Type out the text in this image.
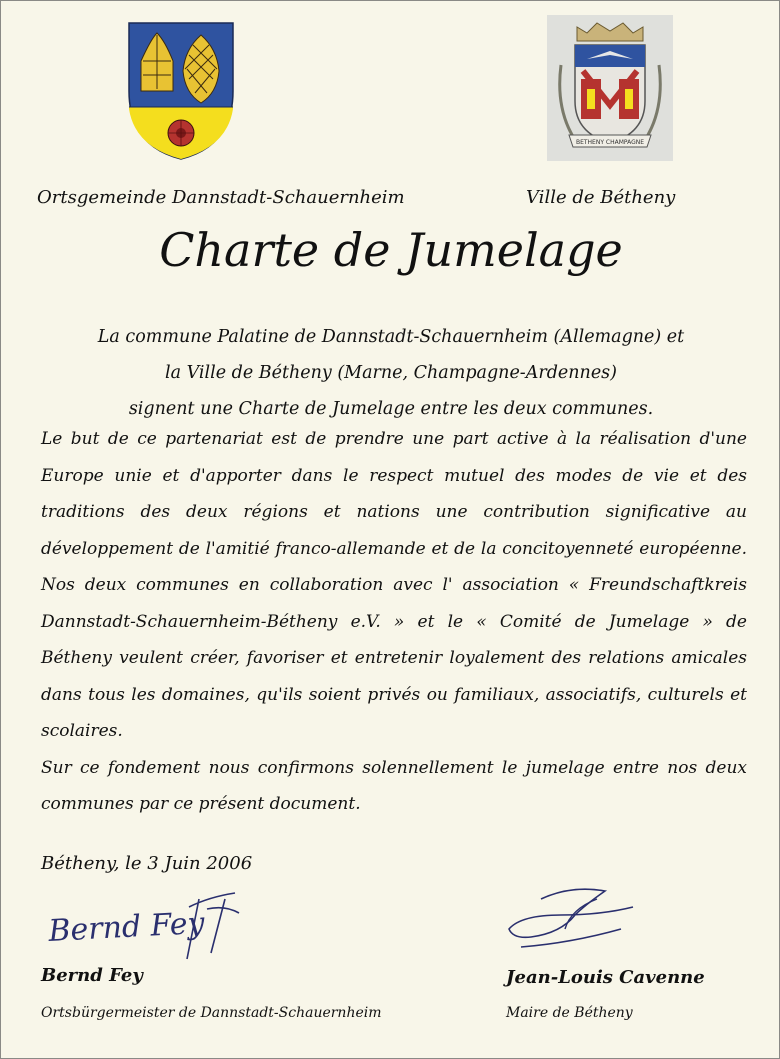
BETHENY CHAMPAGNE
Ortsgemeinde Dannstadt-Schauernheim	Ville de Bétheny
Charte de Jumelage
La commune Palatine de Dannstadt-Schauernheim (Allemagne) et
la Ville de Bétheny (Marne, Champagne-Ardennes)
signent une Charte de Jumelage entre les deux communes.
Le but de ce partenariat est de prendre une part active à la réalisation d'une
Europe unie et d'apporter dans le respect mutuel des modes de vie et des
traditions des deux régions et nations une contribution significative au
développement de l'amitié franco-allemande et de la concitoyenneté européenne.
Nos deux communes en collaboration avec l' association « Freundschaftkreis
Dannstadt-Schauernheim-Bétheny e.V. » et le « Comité de Jumelage » de
Bétheny veulent créer, favoriser et entretenir loyalement des relations amicales
dans tous les domaines, qu'ils soient privés ou familiaux, associatifs, culturels et
scolaires.
Sur ce fondement nous confirmons solennellement le jumelage entre nos deux
communes par ce présent document.
Bétheny, le 3 Juin 2006
Bernd Fey
Bernd Fey	Jean-Louis Cavenne
Ortsbürgermeister de Dannstadt-Schauernheim	Maire de Bétheny
